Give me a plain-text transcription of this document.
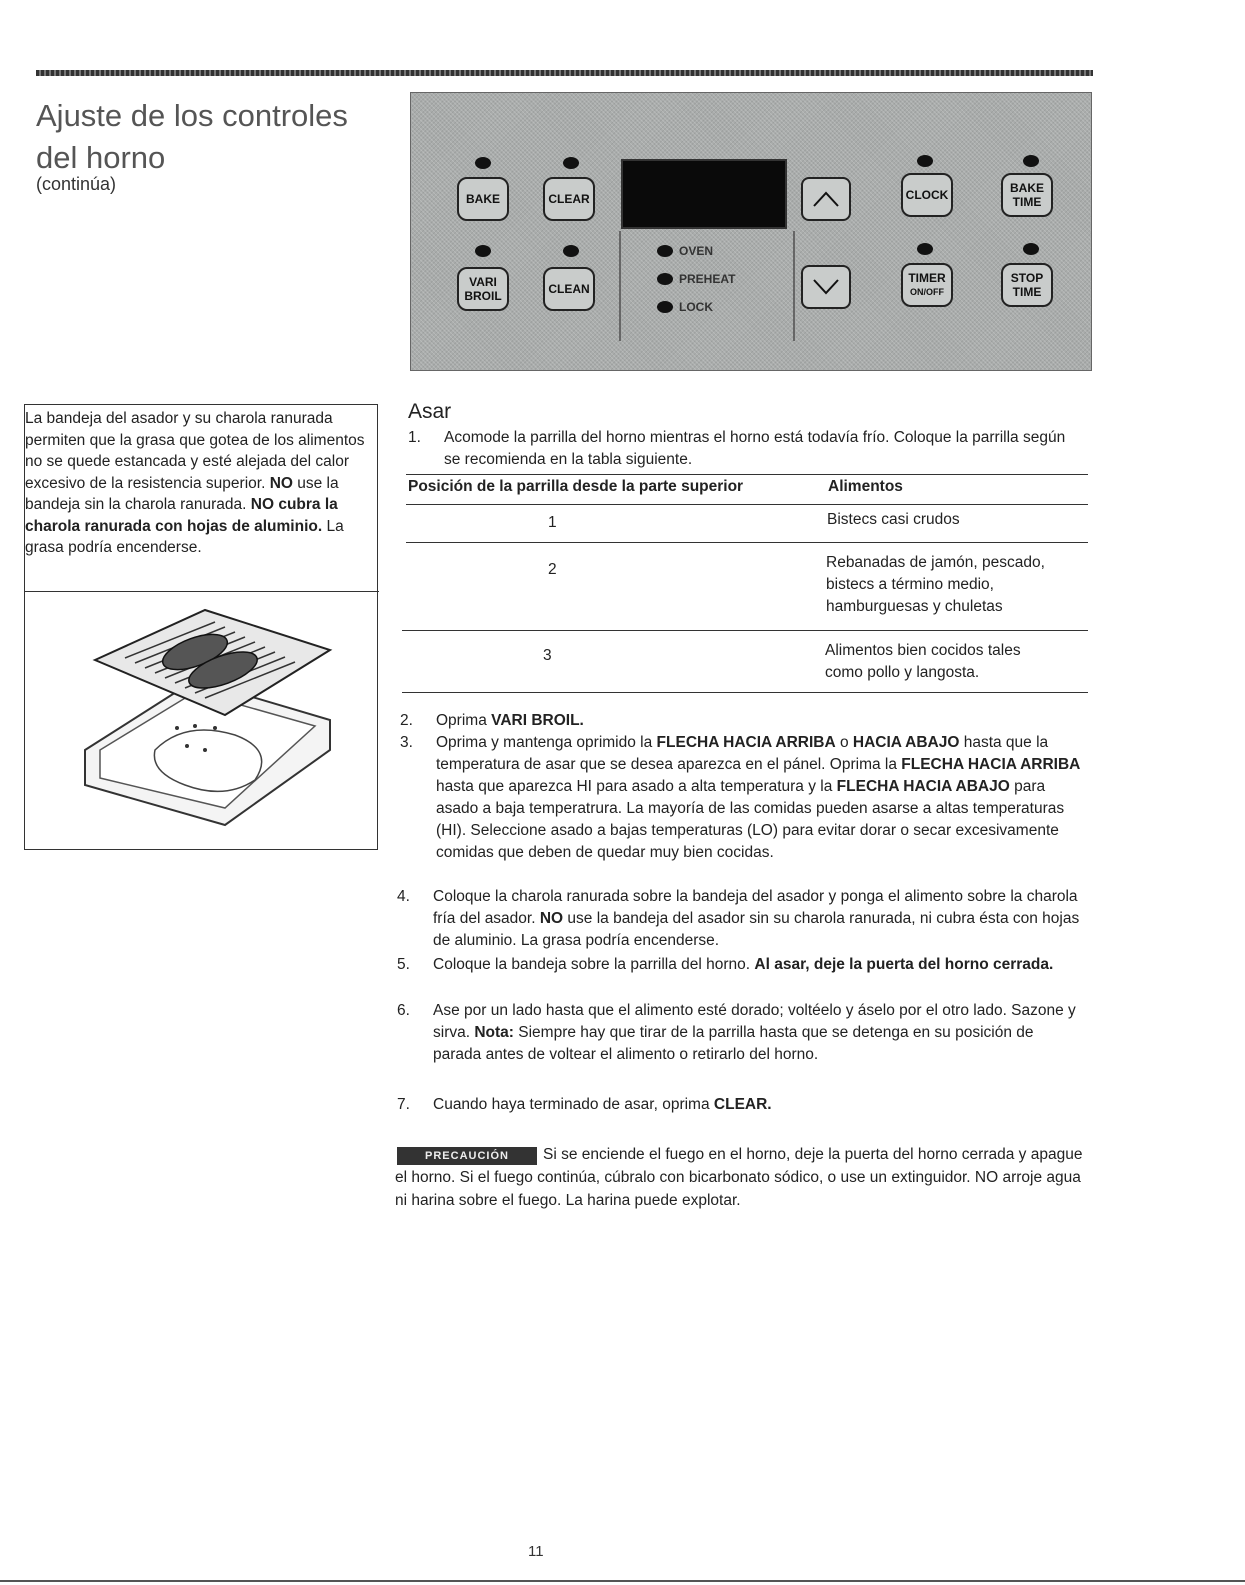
Ajuste de los controles
del horno
(continúa)
BAKE	CLEAR
OVEN
PREHEAT
LOCK
CLOCK	BAKE
TIME
VARI
BROIL	CLEAN
TIMER
ON/OFF
STOP
TIME
La bandeja del asador y su charola ranurada permiten que la grasa que gotea de los alimentos no se quede estancada y esté alejada del calor excesivo de la resistencia superior. NO use la bandeja sin la charola ranurada. NO cubra la charola ranurada con hojas de aluminio. La grasa podría encenderse.
Asar
1.	Acomode la parrilla del horno mientras el horno está todavía frío. Coloque la parrilla según se recomienda en la tabla siguiente.
Posición de la parrilla desde la parte superior	Alimentos
1	Bistecs casi crudos
2	Rebanadas de jamón, pescado,
bistecs a término medio,
hamburguesas y chuletas
3	Alimentos bien cocidos tales
como pollo y langosta.
2.	Oprima VARI BROIL.
3.	Oprima y mantenga oprimido la FLECHA HACIA ARRIBA o HACIA ABAJO hasta que la temperatura de asar que se desea aparezca en el pánel. Oprima la FLECHA HACIA ARRIBA hasta que aparezca HI para asado a alta temperatura y la FLECHA HACIA ABAJO para asado a baja temperatrura. La mayoría de las comidas pueden asarse a altas temperaturas (HI). Seleccione asado a bajas temperaturas (LO) para evitar dorar o secar excesivamente comidas que deben de quedar muy bien cocidas.
4.	Coloque la charola ranurada sobre la bandeja del asador y ponga el alimento sobre la charola fría del asador. NO use la bandeja del asador sin su charola ranurada, ni cubra ésta con hojas de aluminio. La grasa podría encenderse.
5.	Coloque la bandeja sobre la parrilla del horno. Al asar, deje la puerta del horno cerrada.
6.	Ase por un lado hasta que el alimento esté dorado; voltéelo y áselo por el otro lado. Sazone y sirva. Nota: Siempre hay que tirar de la parrilla hasta que se detenga en su posición de parada antes de voltear el alimento o retirarlo del horno.
7.	Cuando haya terminado de asar, oprima CLEAR.
Si se enciende el fuego en el horno, deje la puerta del horno cerrada y apague el horno. Si el fuego continúa, cúbralo con bicarbonato sódico, o use un extinguidor. NO arroje agua ni harina sobre el fuego. La harina puede explotar.
PRECAUCIÓN
11
